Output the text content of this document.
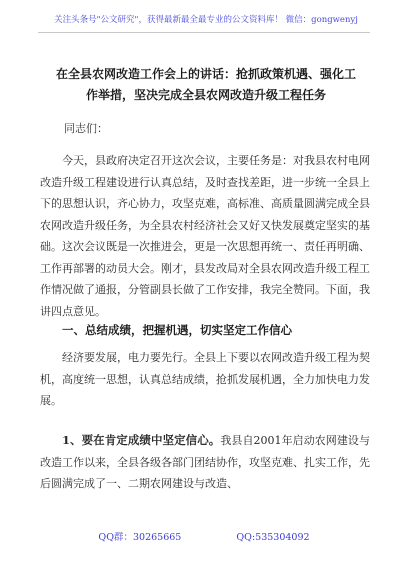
关注头条号"公文研究"，获得最新最全最专业的公文资料库！ 微信：gongwenyj
在全县农网改造工作会上的讲话：抢抓政策机遇、强化工
作举措，坚决完成全县农网改造升级工程任务
同志们：

今天，县政府决定召开这次会议，主要任务是：对我县农村电网改造升级工程建设进行认真总结，及时查找差距，进一步统一全县上下的思想认识，齐心协力，攻坚克难，高标准、高质量圆满完成全县农网改造升级任务，为全县农村经济社会又好又快发展奠定坚实的基础。这次会议既是一次推进会，更是一次思想再统一、责任再明确、工作再部署的动员大会。刚才，县发改局对全县农网改造升级工程工作情况做了通报，分管副县长做了工作安排，我完全赞同。下面，我讲四点意见。

一、总结成绩，把握机遇，切实坚定工作信心

经济要发展，电力要先行。全县上下要以农网改造升级工程为契机，高度统一思想，认真总结成绩，抢抓发展机遇，全力加快电力发展。

1、要在肯定成绩中坚定信心。我县自2001年启动农网建设与改造工作以来，全县各级各部门团结协作，攻坚克难、扎实工作，先后圆满完成了一、二期农网建设与改造、

QQ群：30265665	QQ:535304092
